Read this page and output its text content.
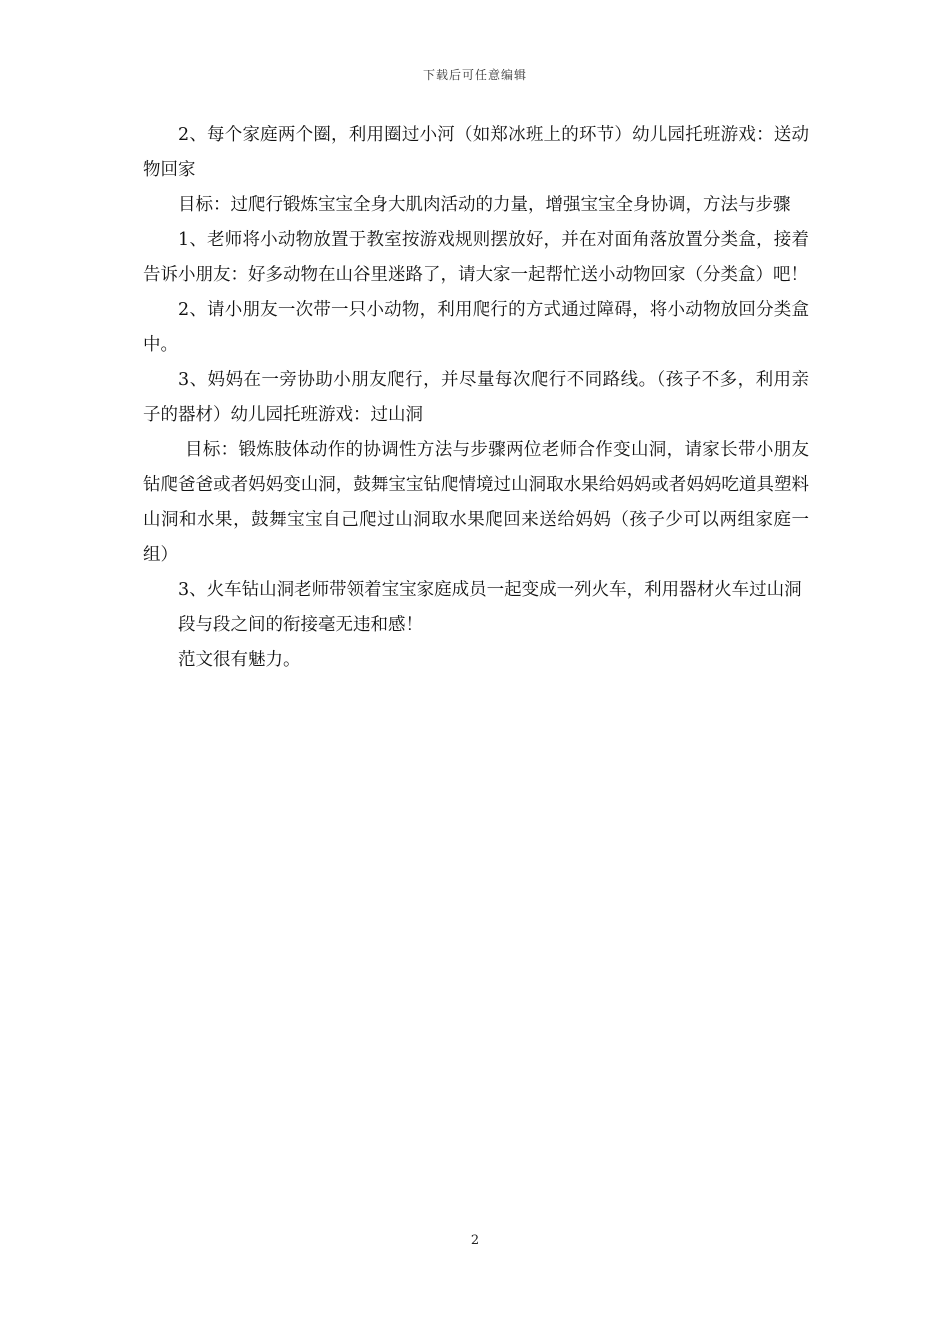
下载后可任意编辑

2、每个家庭两个圈，利用圈过小河（如郑冰班上的环节）幼儿园托班游戏：送动物回家

目标：过爬行锻炼宝宝全身大肌肉活动的力量，增强宝宝全身协调，方法与步骤

1、老师将小动物放置于教室按游戏规则摆放好，并在对面角落放置分类盒，接着告诉小朋友：好多动物在山谷里迷路了，请大家一起帮忙送小动物回家（分类盒）吧！

2、请小朋友一次带一只小动物，利用爬行的方式通过障碍，将小动物放回分类盒中。

3、妈妈在一旁协助小朋友爬行，并尽量每次爬行不同路线。（孩子不多，利用亲子的器材）幼儿园托班游戏：过山洞

目标：锻炼肢体动作的协调性方法与步骤两位老师合作变山洞，请家长带小朋友钻爬爸爸或者妈妈变山洞，鼓舞宝宝钻爬情境过山洞取水果给妈妈或者妈妈吃道具塑料山洞和水果，鼓舞宝宝自己爬过山洞取水果爬回来送给妈妈（孩子少可以两组家庭一组）

3、火车钻山洞老师带领着宝宝家庭成员一起变成一列火车，利用器材火车过山洞

段与段之间的衔接毫无违和感！

范文很有魅力。

2
